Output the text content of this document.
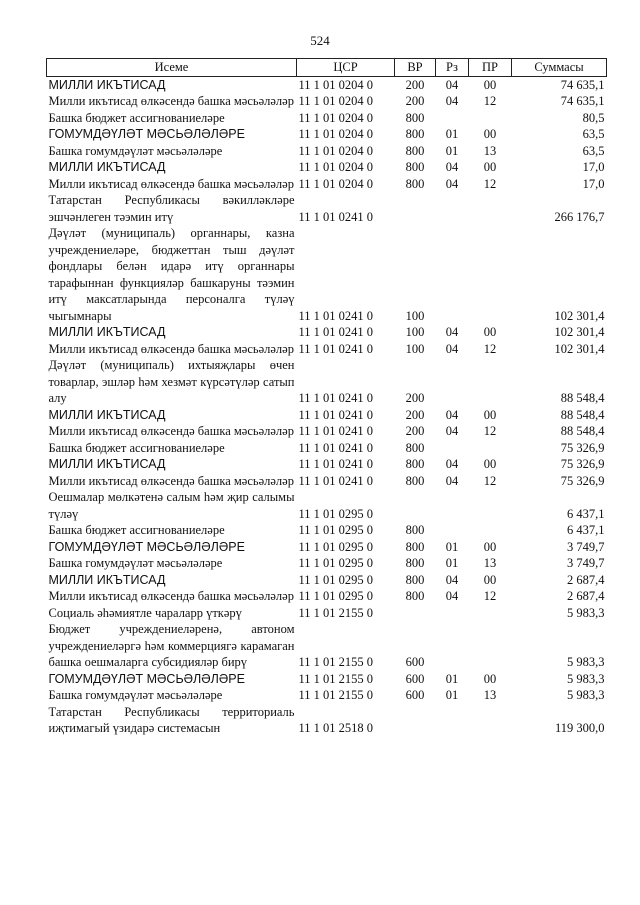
524
Исеме	ЦСР	ВР	Рз	ПР	Суммасы
МИЛЛИ ИКЪТИСАД	11 1 01 0204 0	200	04	00	74 635,1
Милли икътисад өлкәсендә башка мәсьәләләр	11 1 01 0204 0	200	04	12	74 635,1
Башка бюджет ассигнованиеләре	11 1 01 0204 0	800			80,5
ГОМУМДӘҮЛӘТ МӘСЬӘЛӘЛӘРЕ	11 1 01 0204 0	800	01	00	63,5
Башка гомумдәүләт мәсьәләләре	11 1 01 0204 0	800	01	13	63,5
МИЛЛИ ИКЪТИСАД	11 1 01 0204 0	800	04	00	17,0
Милли икътисад өлкәсендә башка мәсьәләләр	11 1 01 0204 0	800	04	12	17,0
Татарстан Республикасы вәкилләкләре эшчәнлеген тәэмин итү	11 1 01 0241 0				266 176,7
Дәүләт (муниципаль) органнары, казна учреждениеләре, бюджеттан тыш дәүләт фондлары белән идарә итү органнары тарафыннан функцияләр башкаруны тәэмин итү максатларында персоналга түләү чыгымнары	11 1 01 0241 0	100			102 301,4
МИЛЛИ ИКЪТИСАД	11 1 01 0241 0	100	04	00	102 301,4
Милли икътисад өлкәсендә башка мәсьәләләр	11 1 01 0241 0	100	04	12	102 301,4
Дәүләт (муниципаль) ихтыяҗлары өчен товарлар, эшләр һәм хезмәт күрсәтүләр сатып алу	11 1 01 0241 0	200			88 548,4
МИЛЛИ ИКЪТИСАД	11 1 01 0241 0	200	04	00	88 548,4
Милли икътисад өлкәсендә башка мәсьәләләр	11 1 01 0241 0	200	04	12	88 548,4
Башка бюджет ассигнованиеләре	11 1 01 0241 0	800			75 326,9
МИЛЛИ ИКЪТИСАД	11 1 01 0241 0	800	04	00	75 326,9
Милли икътисад өлкәсендә башка мәсьәләләр	11 1 01 0241 0	800	04	12	75 326,9
Оешмалар мөлкәтенә салым һәм җир салымы түләү	11 1 01 0295 0				6 437,1
Башка бюджет ассигнованиеләре	11 1 01 0295 0	800			6 437,1
ГОМУМДӘҮЛӘТ МӘСЬӘЛӘЛӘРЕ	11 1 01 0295 0	800	01	00	3 749,7
Башка гомумдәүләт мәсьәләләре	11 1 01 0295 0	800	01	13	3 749,7
МИЛЛИ ИКЪТИСАД	11 1 01 0295 0	800	04	00	2 687,4
Милли икътисад өлкәсендә башка мәсьәләләр	11 1 01 0295 0	800	04	12	2 687,4
Социаль әһәмиятле чараларр үткәрү	11 1 01 2155 0				5 983,3
Бюджет учреждениеләренә, автоном учреждениеләргә һәм коммерциягә карамаган башка оешмаларга субсидияләр бирү	11 1 01 2155 0	600			5 983,3
ГОМУМДӘҮЛӘТ МӘСЬӘЛӘЛӘРЕ	11 1 01 2155 0	600	01	00	5 983,3
Башка гомумдәүләт мәсьәләләре	11 1 01 2155 0	600	01	13	5 983,3
Татарстан Республикасы территориаль иҗтимагый үзидарә системасын	11 1 01 2518 0				119 300,0
